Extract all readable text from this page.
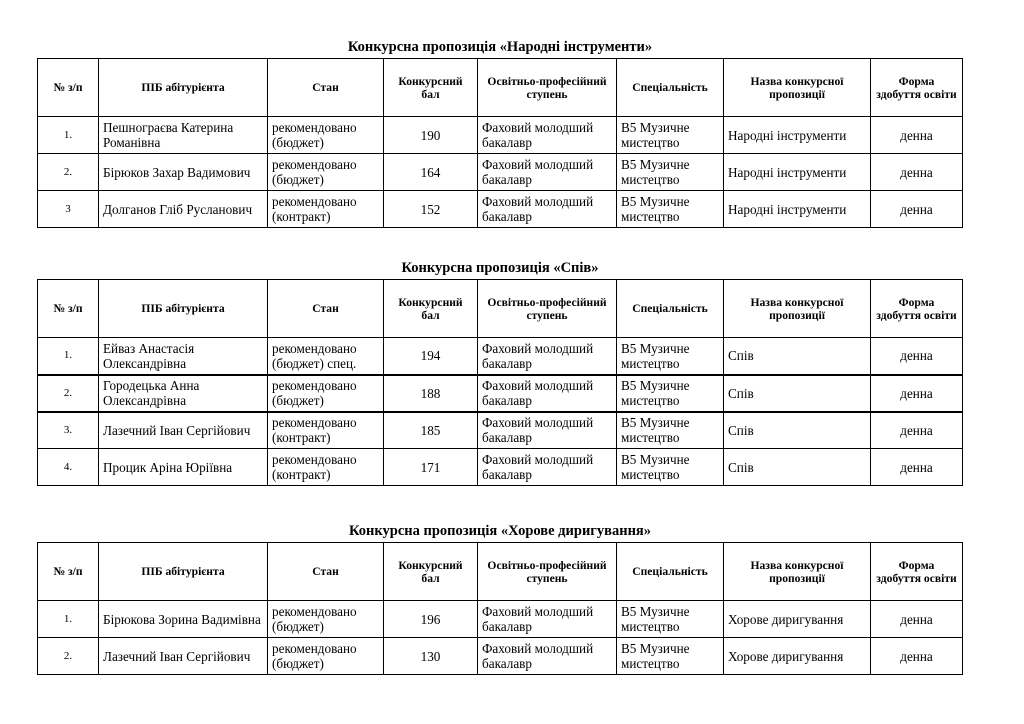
Конкурсна пропозиція «Народні інструменти»
№ з/п	ПІБ абітурієнта	Стан	Конкурсний бал	Освітньо-професійний ступень	Спеціальність	Назва конкурсної пропозиції	Форма здобуття освіти
1.	Пешнограєва Катерина Романівна	рекомендовано (бюджет)	190	Фаховий молодший бакалавр	В5 Музичне мистецтво	Народні інструменти	денна
2.	Бірюков Захар Вадимович	рекомендовано (бюджет)	164	Фаховий молодший бакалавр	В5 Музичне мистецтво	Народні інструменти	денна
3	Долганов Гліб Русланович	рекомендовано (контракт)	152	Фаховий молодший бакалавр	В5 Музичне мистецтво	Народні інструменти	денна
Конкурсна пропозиція «Спів»
№ з/п	ПІБ абітурієнта	Стан	Конкурсний бал	Освітньо-професійний ступень	Спеціальність	Назва конкурсної пропозиції	Форма здобуття освіти
1.	Ейваз Анастасія Олександрівна	рекомендовано (бюджет) спец.	194	Фаховий молодший бакалавр	В5 Музичне мистецтво	Спів	денна
2.	Городецька Анна Олександрівна	рекомендовано (бюджет)	188	Фаховий молодший бакалавр	В5 Музичне мистецтво	Спів	денна
3.	Лазечний Іван Сергійович	рекомендовано (контракт)	185	Фаховий молодший бакалавр	В5 Музичне мистецтво	Спів	денна
4.	Процик Аріна Юріївна	рекомендовано (контракт)	171	Фаховий молодший бакалавр	В5 Музичне мистецтво	Спів	денна
Конкурсна пропозиція «Хорове диригування»
№ з/п	ПІБ абітурієнта	Стан	Конкурсний бал	Освітньо-професійний ступень	Спеціальність	Назва конкурсної пропозиції	Форма здобуття освіти
1.	Бірюкова Зорина Вадимівна	рекомендовано (бюджет)	196	Фаховий молодший бакалавр	В5 Музичне мистецтво	Хорове диригування	денна
2.	Лазечний Іван Сергійович	рекомендовано (бюджет)	130	Фаховий молодший бакалавр	В5 Музичне мистецтво	Хорове диригування	денна
